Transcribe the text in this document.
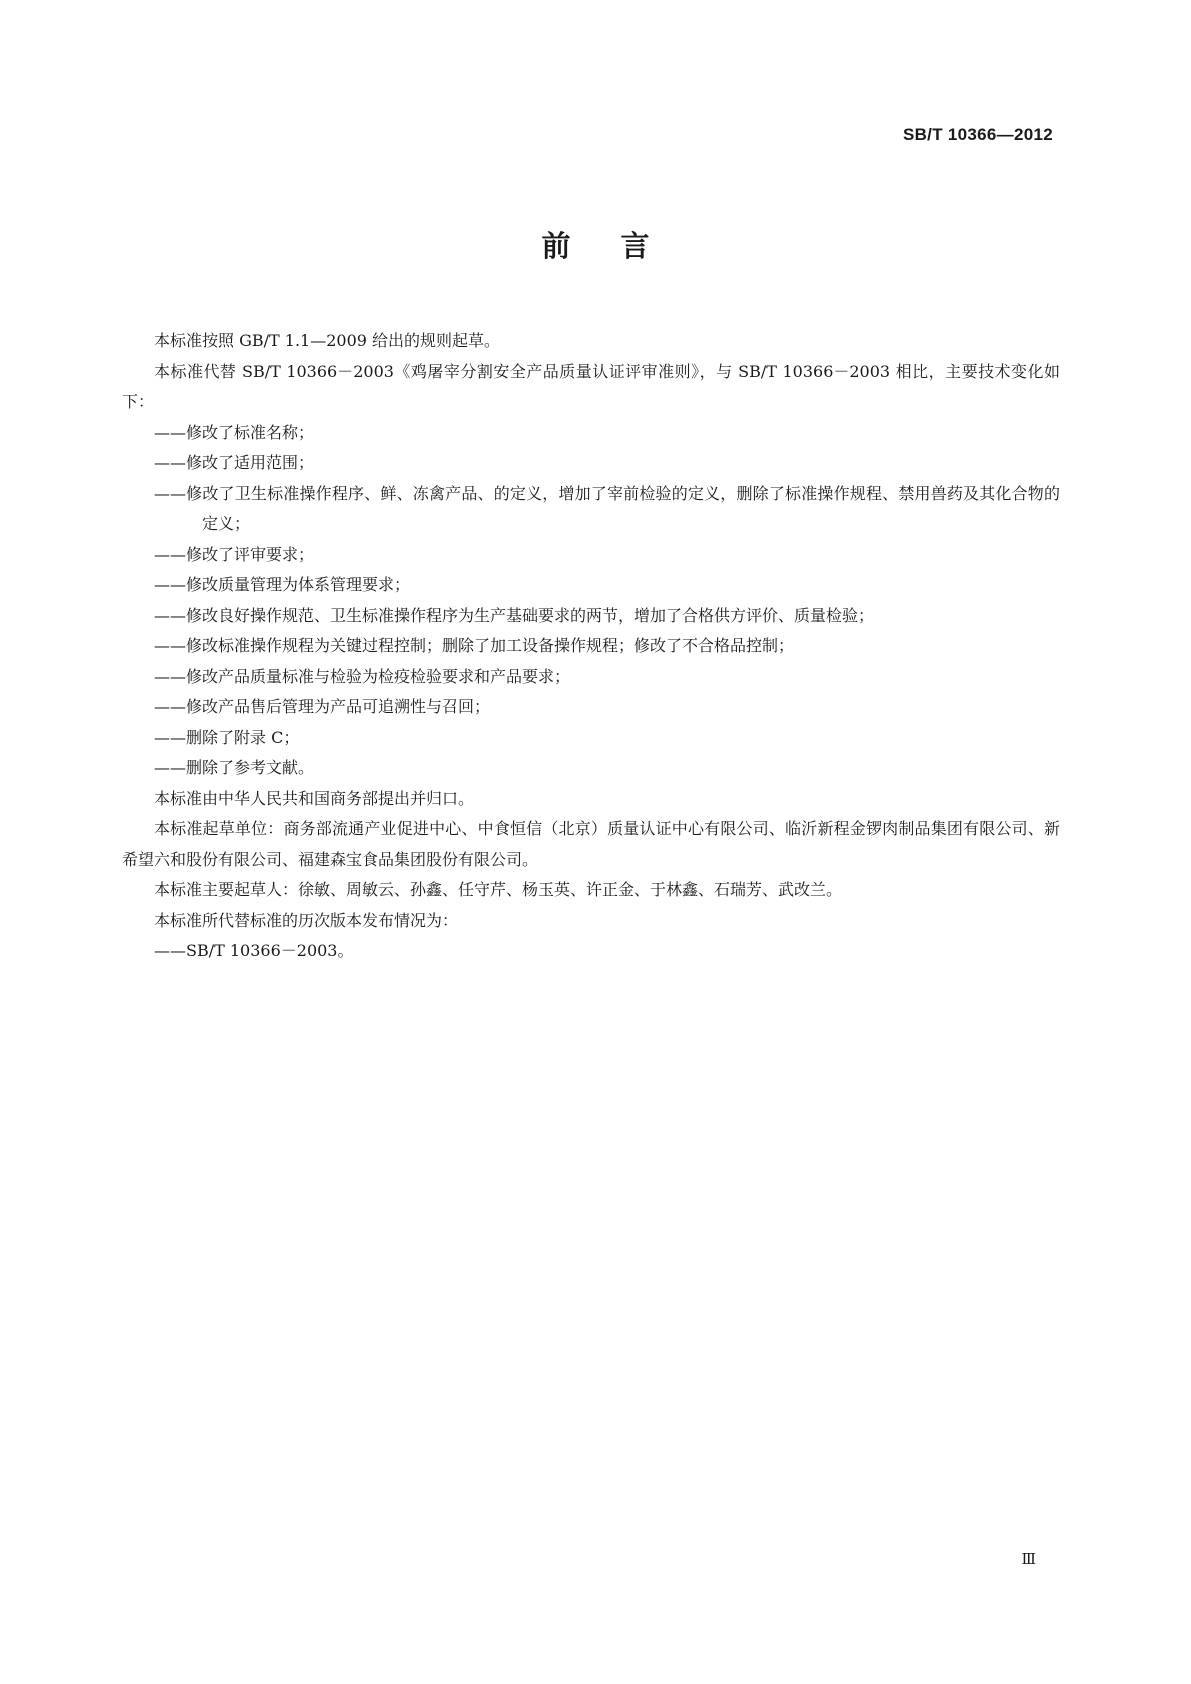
SB/T 10366—2012
前言

本标准按照 GB/T 1.1—2009 给出的规则起草。

本标准代替 SB/T 10366－2003《鸡屠宰分割安全产品质量认证评审准则》，与 SB/T 10366－2003 相比，主要技术变化如下：

——修改了标准名称；

——修改了适用范围；

——修改了卫生标准操作程序、鲜、冻禽产品、的定义，增加了宰前检验的定义，删除了标准操作规程、禁用兽药及其化合物的定义；

——修改了评审要求；

——修改质量管理为体系管理要求；

——修改良好操作规范、卫生标准操作程序为生产基础要求的两节，增加了合格供方评价、质量检验；

——修改标准操作规程为关键过程控制；删除了加工设备操作规程；修改了不合格品控制；

——修改产品质量标准与检验为检疫检验要求和产品要求；

——修改产品售后管理为产品可追溯性与召回；

——删除了附录 C；

——删除了参考文献。

本标准由中华人民共和国商务部提出并归口。

本标准起草单位：商务部流通产业促进中心、中食恒信（北京）质量认证中心有限公司、临沂新程金锣肉制品集团有限公司、新希望六和股份有限公司、福建森宝食品集团股份有限公司。

本标准主要起草人：徐敏、周敏云、孙鑫、任守芹、杨玉英、许正金、于林鑫、石瑞芳、武改兰。

本标准所代替标准的历次版本发布情况为：

——SB/T 10366－2003。

Ⅲ
